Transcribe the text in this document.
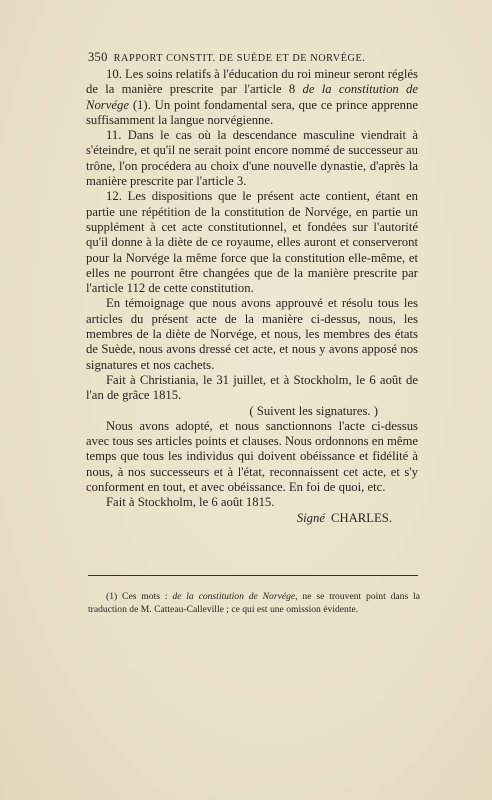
350 RAPPORT CONSTIT. DE SUÈDE ET DE NORVÉGE.

10. Les soins relatifs à l'éducation du roi mineur seront réglés de la manière prescrite par l'article 8 de la constitution de Norvége (1). Un point fondamental sera, que ce prince apprenne suffisamment la langue norvégienne.

11. Dans le cas où la descendance masculine viendrait à s'éteindre, et qu'il ne serait point encore nommé de successeur au trône, l'on procédera au choix d'une nouvelle dynastie, d'après la manière prescrite par l'article 3.

12. Les dispositions que le présent acte contient, étant en partie une répétition de la constitution de Norvége, en partie un supplément à cet acte constitutionnel, et fondées sur l'autorité qu'il donne à la diète de ce royaume, elles auront et conserveront pour la Norvége la même force que la constitution elle-même, et elles ne pourront être changées que de la manière prescrite par l'article 112 de cette constitution.

En témoignage que nous avons approuvé et résolu tous les articles du présent acte de la manière ci-dessus, nous, les membres de la diète de Norvége, et nous, les membres des états de Suède, nous avons dressé cet acte, et nous y avons apposé nos signatures et nos cachets.

Fait à Christiania, le 31 juillet, et à Stockholm, le 6 août de l'an de grâce 1815.

( Suivent les signatures. )

Nous avons adopté, et nous sanctionnons l'acte ci-dessus avec tous ses articles points et clauses. Nous ordonnons en même temps que tous les individus qui doivent obéissance et fidélité à nous, à nos successeurs et à l'état, reconnaissent cet acte, et s'y conforment en tout, et avec obéissance. En foi de quoi, etc.

Fait à Stockholm, le 6 août 1815.

Signé CHARLES.

(1) Ces mots : de la constitution de Norvége, ne se trouvent point dans la traduction de M. Catteau-Calleville ; ce qui est une omission évidente.
